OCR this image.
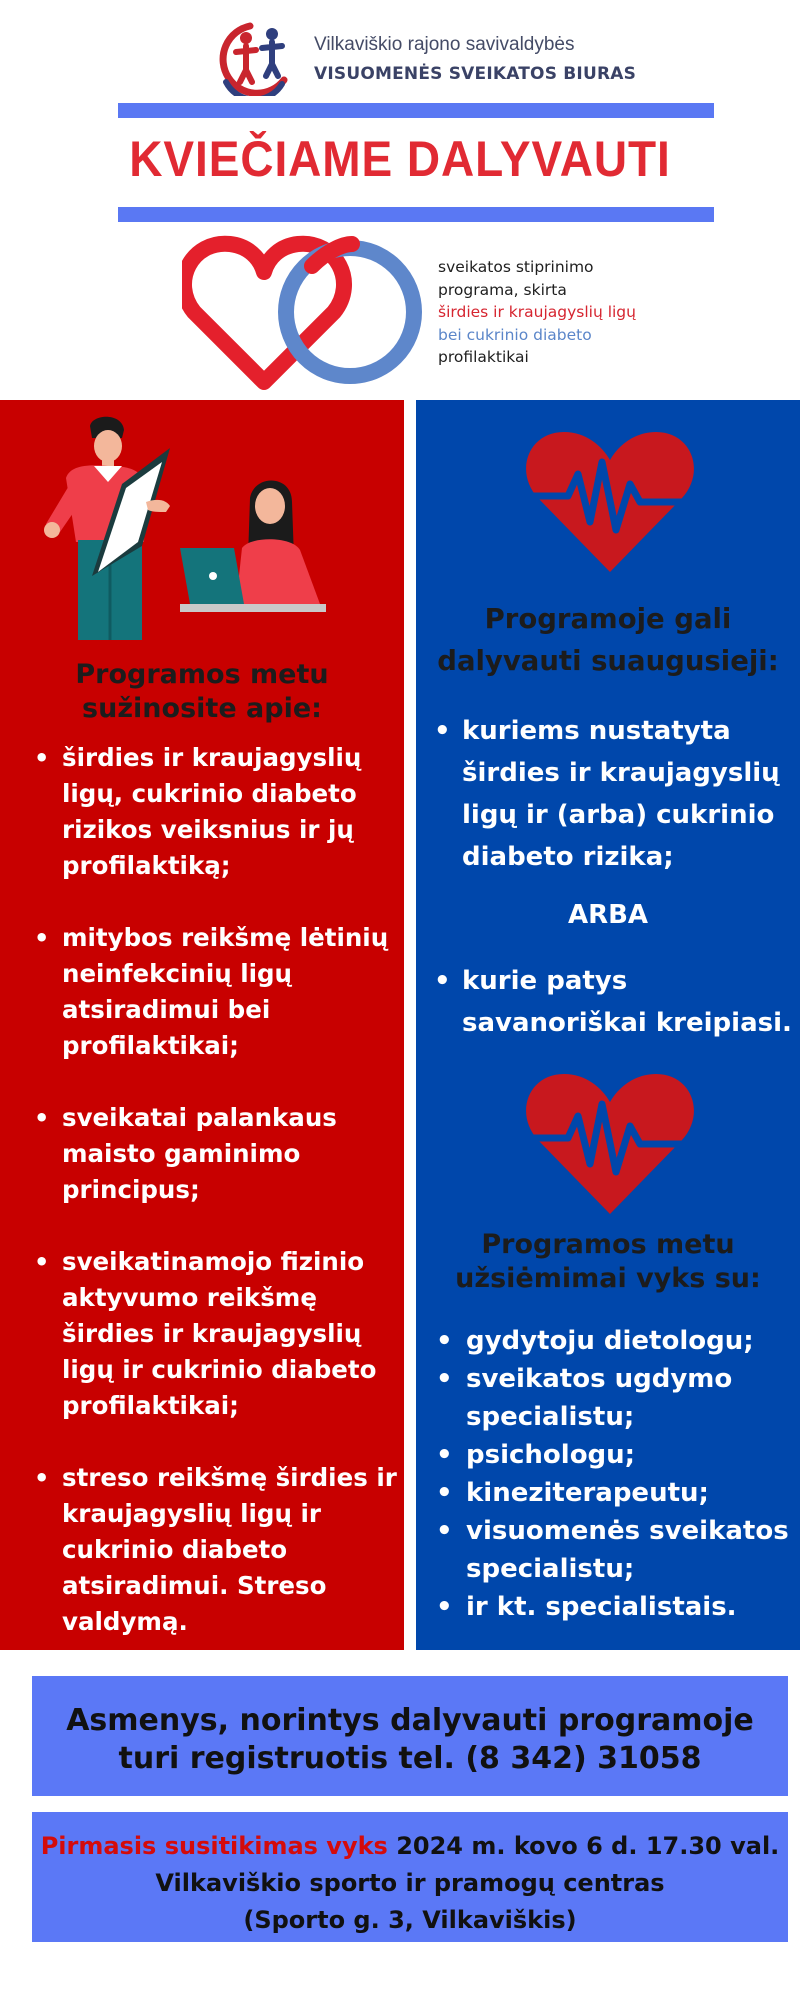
Vilkaviškio rajono savivaldybės
VISUOMENĖS SVEIKATOS BIURAS
KVIEČIAME DALYVAUTI
sveikatos stiprinimo
programa, skirta
širdies ir kraujagyslių ligų
bei cukrinio diabeto
profilaktikai
Programos metu
sužinosite apie:
• širdies ir kraujagyslių ligų, cukrinio diabeto rizikos veiksnius ir jų profilaktiką;
• mitybos reikšmę lėtinių neinfekcinių ligų atsiradimui bei profilaktikai;
• sveikatai palankaus maisto gaminimo principus;
• sveikatinamojo fizinio aktyvumo reikšmę širdies ir kraujagyslių ligų ir cukrinio diabeto profilaktikai;
• streso reikšmę širdies ir kraujagyslių ligų ir cukrinio diabeto atsiradimui. Streso valdymą.
Programoje gali
dalyvauti suaugusieji:
• kuriems nustatyta širdies ir kraujagyslių ligų ir (arba) cukrinio diabeto rizika;
ARBA
• kurie patys savanoriškai kreipiasi.
Programos metu
užsiėmimai vyks su:
• gydytoju dietologu;
• sveikatos ugdymo specialistu;
• psichologu;
• kineziterapeutu;
• visuomenės sveikatos specialistu;
• ir kt. specialistais.
Asmenys, norintys dalyvauti programoje
turi registruotis tel. (8 342) 31058
Pirmasis susitikimas vyks 2024 m. kovo 6 d. 17.30 val.
Vilkaviškio sporto ir pramogų centras
(Sporto g. 3, Vilkaviškis)
